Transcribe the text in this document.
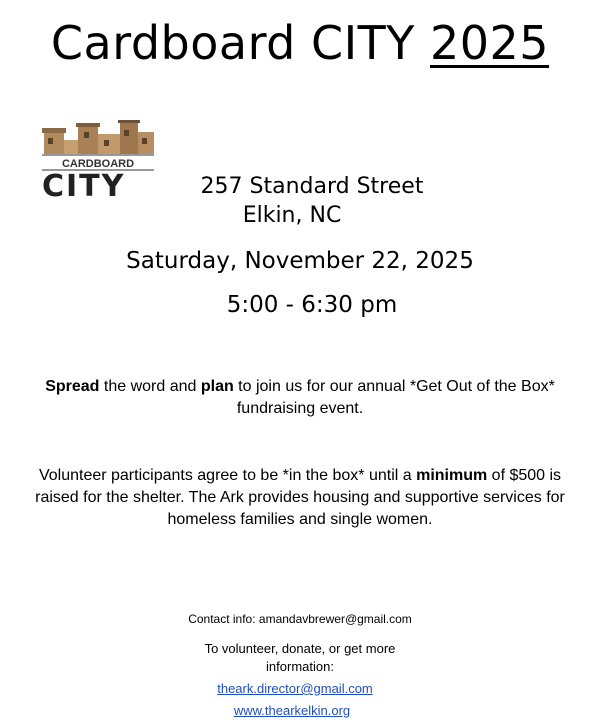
Cardboard CITY 2025
CARDBOARD
CITY	257 Standard Street
Elkin, NC
Saturday, November 22, 2025
5:00 - 6:30 pm
Spread the word and plan to join us for our annual *Get Out of the Box* fundraising event.
Volunteer participants agree to be *in the box* until a minimum of $500 is raised for the shelter. The Ark provides housing and supportive services for homeless families and single women.
Contact info: amandavbrewer@gmail.com
To volunteer, donate, or get more information:
theark.director@gmail.com
www.thearkelkin.org
